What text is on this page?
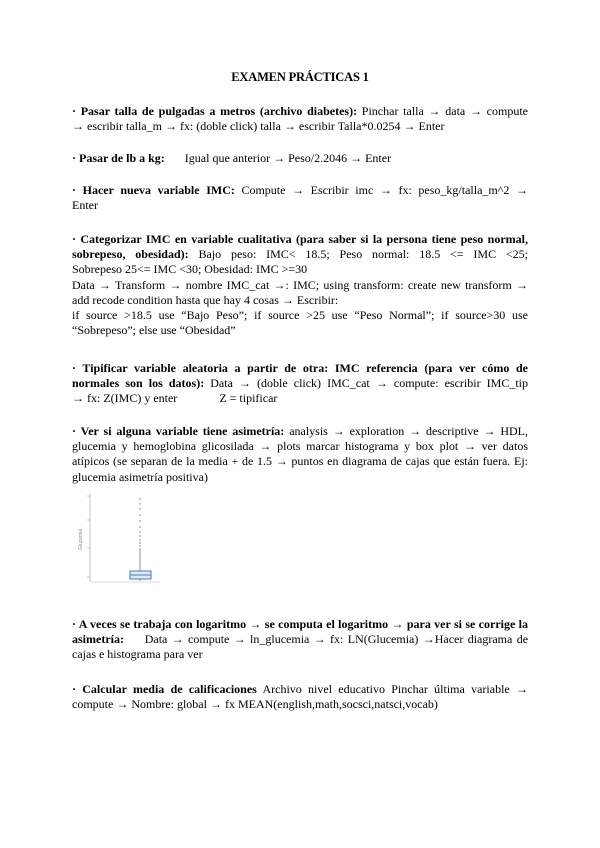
EXAMEN PRÁCTICAS 1
· Pasar talla de pulgadas a metros (archivo diabetes): Pinchar talla → data → compute
→ escribir talla_m → fx: (doble click) talla → escribir Talla*0.0254 → Enter
· Pasar de lb a kg: Igual que anterior → Peso/2.2046 → Enter
· Hacer nueva variable IMC: Compute → Escribir imc → fx: peso_kg/talla_m^2 →
Enter
· Categorizar IMC en variable cualitativa (para saber si la persona tiene peso normal,
sobrepeso, obesidad): Bajo peso: IMC< 18.5; Peso normal: 18.5 <= IMC <25;
Sobrepeso 25<= IMC <30; Obesidad: IMC >=30
Data → Transform → nombre IMC_cat →: IMC; using transform: create new transform →
add recode condition hasta que hay 4 cosas → Escribir:
if source >18.5 use “Bajo Peso”; if source >25 use “Peso Normal”; if source>30 use
“Sobrepeso”; else use “Obesidad”
· Tipificar variable aleatoria a partir de otra: IMC referencia (para ver cómo de
normales son los datos): Data → (doble click) IMC_cat → compute: escribir IMC_tip
→ fx: Z(IMC) y enter	Z = tipificar
· Ver si alguna variable tiene asimetría: analysis → exploration → descriptive → HDL,
glucemia y hemoglobina glicosilada → plots marcar histograma y box plot → ver datos
atípicos (se separan de la media + de 1.5 → puntos en diagrama de cajas que están fuera. Ej:
glucemia asimetría positiva)
Glucemia
· A veces se trabaja con logaritmo → se computa el logaritmo → para ver si se corrige la
asimetría: Data → compute → ln_glucemia → fx: LN(Glucemia) →Hacer diagrama de
cajas e histograma para ver
· Calcular media de calificaciones Archivo nivel educativo Pinchar última variable →
compute → Nombre: global → fx MEAN(english,math,socsci,natsci,vocab)
